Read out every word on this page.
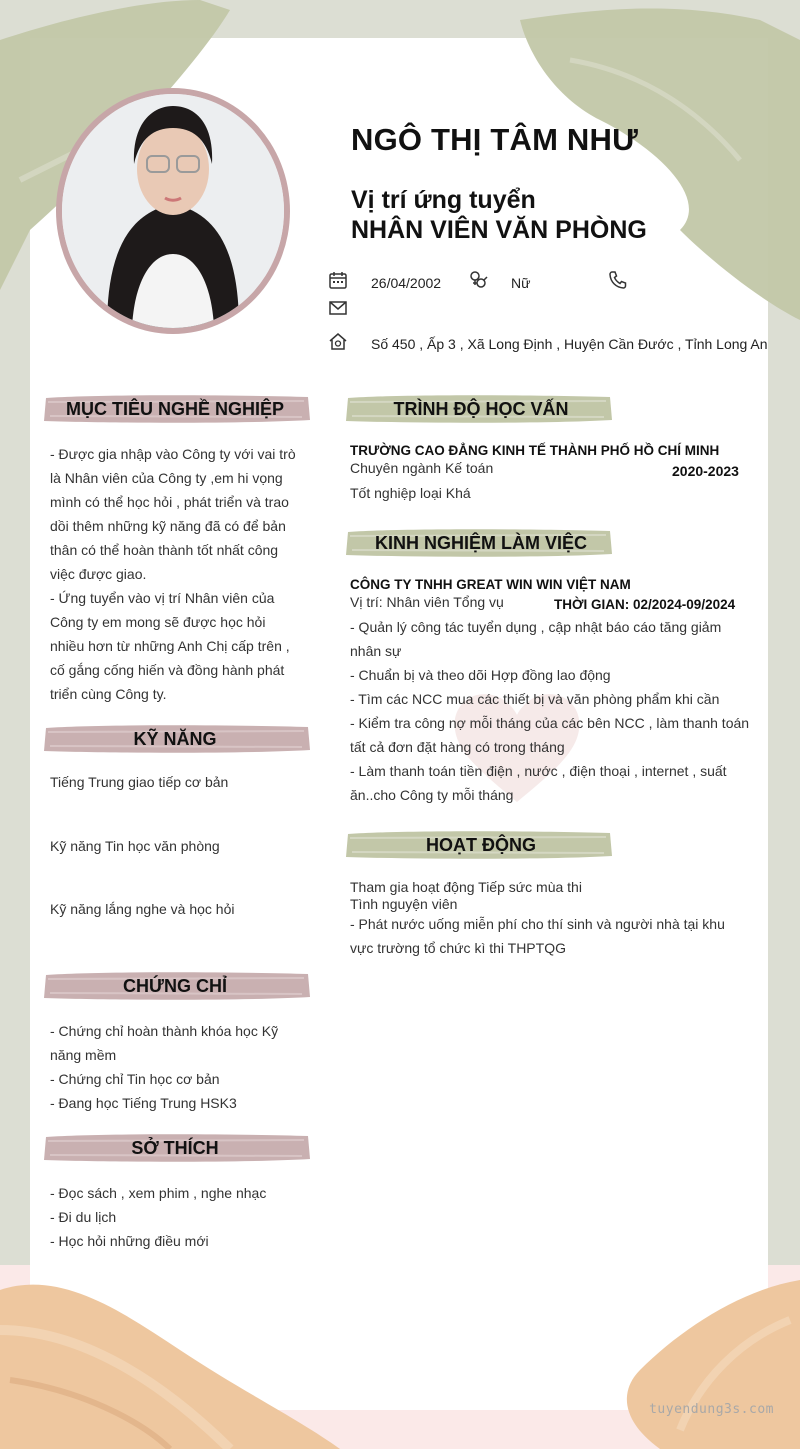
NGÔ THỊ TÂM NHƯ
Vị trí ứng tuyển
NHÂN VIÊN VĂN PHÒNG
26/04/2002	Nữ
Số 450 , Ấp 3 , Xã Long Định , Huyện Cần Đước , Tỉnh Long An
MỤC TIÊU NGHỀ NGHIỆP
- Được gia nhập vào Công ty với vai trò
là Nhân viên của Công ty ,em hi vọng
mình có thể học hỏi , phát triển và trao
dồi thêm những kỹ năng đã có để bản
thân có thể hoàn thành tốt nhất công
việc được giao.
- Ứng tuyển vào vị trí Nhân viên của
Công ty em mong sẽ được học hỏi
nhiều hơn từ những Anh Chị cấp trên ,
cố gắng cống hiến và đồng hành phát
triển cùng Công ty.
KỸ NĂNG
Tiếng Trung giao tiếp cơ bản
Kỹ năng Tin học văn phòng
Kỹ năng lắng nghe và học hỏi
CHỨNG CHỈ
- Chứng chỉ hoàn thành khóa học Kỹ
năng mềm
- Chứng chỉ Tin học cơ bản
- Đang học Tiếng Trung HSK3
SỞ THÍCH
- Đọc sách , xem phim , nghe nhạc
- Đi du lịch
- Học hỏi những điều mới
TRÌNH ĐỘ HỌC VẤN
TRƯỜNG CAO ĐẲNG KINH TẾ THÀNH PHỐ HỒ CHÍ MINH
Chuyên ngành Kế toán	2020-2023
Tốt nghiệp loại Khá
KINH NGHIỆM LÀM VIỆC
CÔNG TY TNHH GREAT WIN WIN VIỆT NAM
Vị trí: Nhân viên Tổng vụ	THỜI GIAN: 02/2024-09/2024
- Quản lý công tác tuyển dụng , cập nhật báo cáo tăng giảm
nhân sự
- Chuẩn bị và theo dõi Hợp đồng lao động
- Tìm các NCC mua các thiết bị và văn phòng phẩm khi cần
- Kiểm tra công nợ mỗi tháng của các bên NCC , làm thanh toán
tất cả đơn đặt hàng có trong tháng
- Làm thanh toán tiền điện , nước , điện thoại , internet , suất
ăn..cho Công ty mỗi tháng
HOẠT ĐỘNG
Tham gia hoạt động Tiếp sức mùa thi
Tình nguyện viên
- Phát nước uống miễn phí cho thí sinh và người nhà tại khu
vực trường tổ chức kì thi THPTQG
tuyendung3s.com
